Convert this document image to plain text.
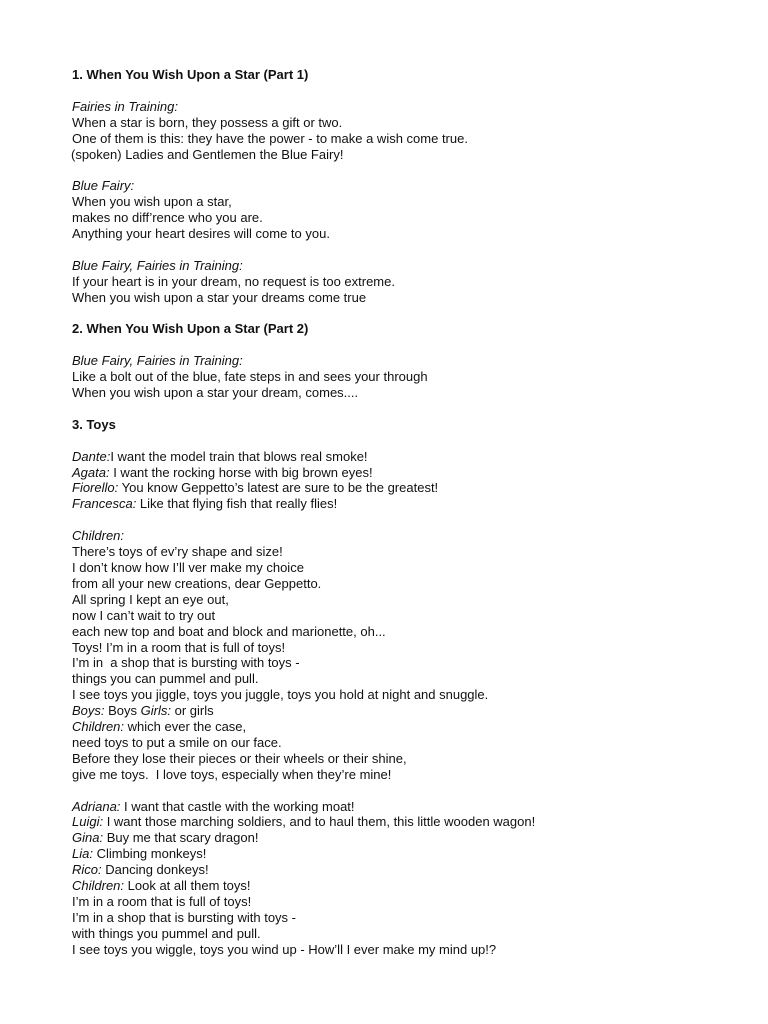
1. When You Wish Upon a Star (Part 1)
Fairies in Training:
When a star is born, they possess a gift or two.
One of them is this: they have the power - to make a wish come true.
(spoken) Ladies and Gentlemen the Blue Fairy!
Blue Fairy:
When you wish upon a star,
makes no diff’rence who you are.
Anything your heart desires will come to you.
Blue Fairy, Fairies in Training:
If your heart is in your dream, no request is too extreme.
When you wish upon a star your dreams come true
2. When You Wish Upon a Star (Part 2)
Blue Fairy, Fairies in Training:
Like a bolt out of the blue, fate steps in and sees your through
When you wish upon a star your dream, comes....
3. Toys
Dante:I want the model train that blows real smoke!
Agata: I want the rocking horse with big brown eyes!
Fiorello: You know Geppetto’s latest are sure to be the greatest!
Francesca: Like that flying fish that really flies!
Children:
There’s toys of ev’ry shape and size!
I don’t know how I’ll ver make my choice
from all your new creations, dear Geppetto.
All spring I kept an eye out,
now I can’t wait to try out
each new top and boat and block and marionette, oh...
Toys! I’m in a room that is full of toys!
I’m in  a shop that is bursting with toys -
things you can pummel and pull.
I see toys you jiggle, toys you juggle, toys you hold at night and snuggle.
Boys: Boys Girls: or girls
Children: which ever the case,
need toys to put a smile on our face.
Before they lose their pieces or their wheels or their shine,
give me toys.  I love toys, especially when they’re mine!
Adriana: I want that castle with the working moat!
Luigi: I want those marching soldiers, and to haul them, this little wooden wagon!
Gina: Buy me that scary dragon!
Lia: Climbing monkeys!
Rico: Dancing donkeys!
Children: Look at all them toys!
I’m in a room that is full of toys!
I’m in a shop that is bursting with toys -
with things you pummel and pull.
I see toys you wiggle, toys you wind up - How’ll I ever make my mind up!?
